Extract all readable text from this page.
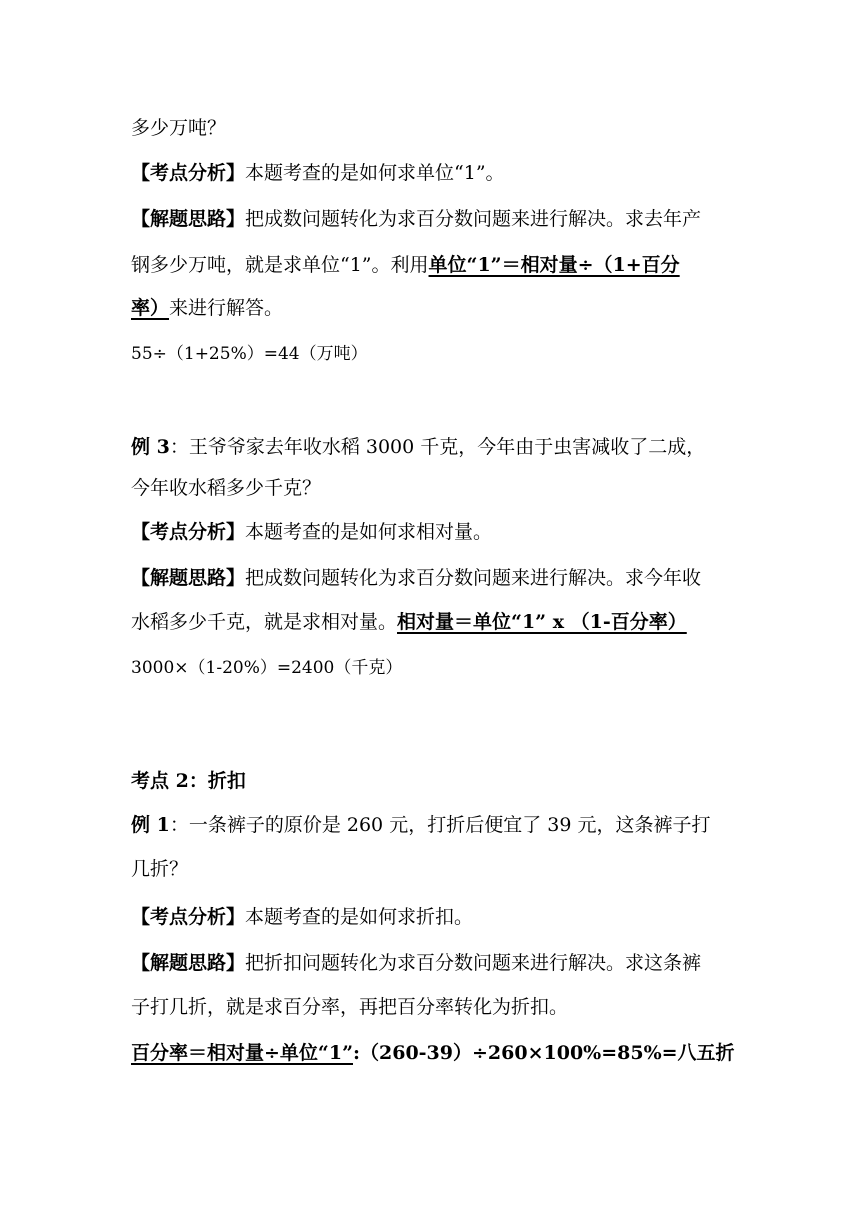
多少万吨？
【考点分析】本题考查的是如何求单位“1”。
【解题思路】把成数问题转化为求百分数问题来进行解决。求去年产
钢多少万吨，就是求单位“1”。利用单位“1”＝相对量÷（1+百分
率）来进行解答。
55÷（1+25%）=44（万吨）
例 3：王爷爷家去年收水稻 3000 千克，今年由于虫害减收了二成，
今年收水稻多少千克？
【考点分析】本题考查的是如何求相对量。
【解题思路】把成数问题转化为求百分数问题来进行解决。求今年收
水稻多少千克，就是求相对量。相对量＝单位“1” x （1-百分率）
3000×（1-20%）=2400（千克）
考点 2：折扣
例 1：一条裤子的原价是 260 元，打折后便宜了 39 元，这条裤子打
几折？
【考点分析】本题考查的是如何求折扣。
【解题思路】把折扣问题转化为求百分数问题来进行解决。求这条裤
子打几折，就是求百分率，再把百分率转化为折扣。
百分率＝相对量÷单位“1”:（260-39）÷260×100%=85%=八五折
